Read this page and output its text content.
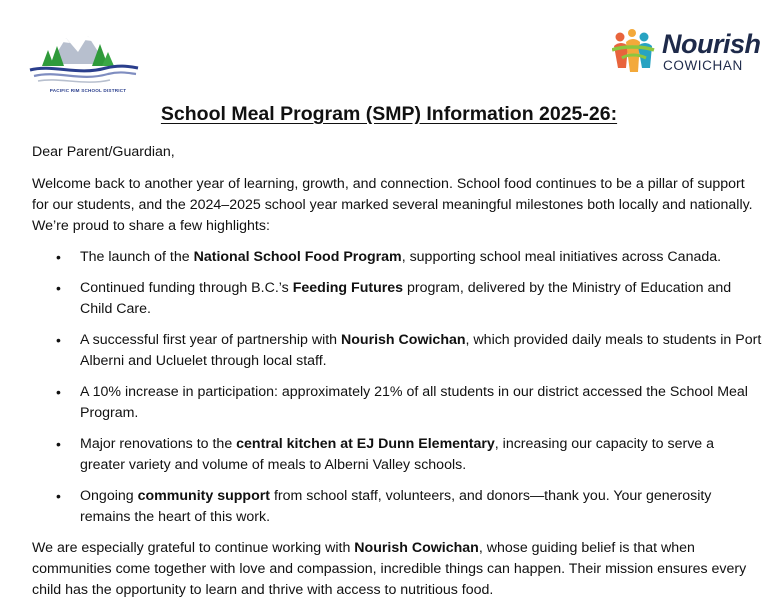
PACIFIC RIM SCHOOL DISTRICT
Nourish
COWICHAN
School Meal Program (SMP) Information 2025-26:

Dear Parent/Guardian,

Welcome back to another year of learning, growth, and connection. School food continues to be a pillar of support for our students, and the 2024–2025 school year marked several meaningful milestones both locally and nationally. We’re proud to share a few highlights:

• The launch of the National School Food Program, supporting school meal initiatives across Canada.
• Continued funding through B.C.’s Feeding Futures program, delivered by the Ministry of Education and Child Care.
• A successful first year of partnership with Nourish Cowichan, which provided daily meals to students in Port Alberni and Ucluelet through local staff.
• A 10% increase in participation: approximately 21% of all students in our district accessed the School Meal Program.
• Major renovations to the central kitchen at EJ Dunn Elementary, increasing our capacity to serve a greater variety and volume of meals to Alberni Valley schools.
• Ongoing community support from school staff, volunteers, and donors—thank you. Your generosity remains the heart of this work.

We are especially grateful to continue working with Nourish Cowichan, whose guiding belief is that when communities come together with love and compassion, incredible things can happen. Their mission ensures every child has the opportunity to learn and thrive with access to nutritious food.
